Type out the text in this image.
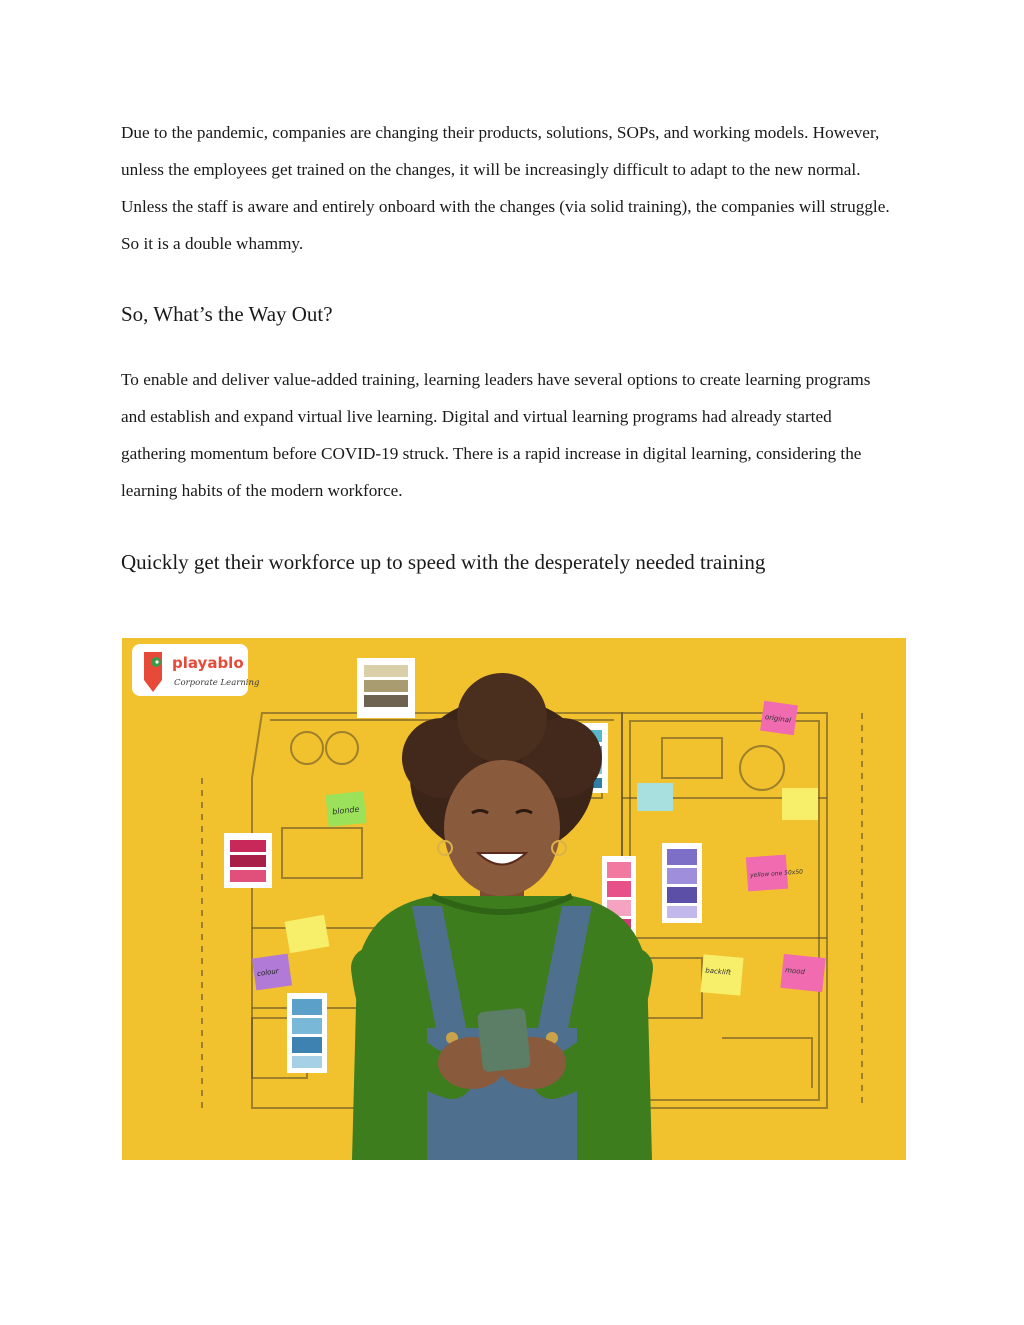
Due to the pandemic, companies are changing their products, solutions, SOPs, and working models. However, unless the employees get trained on the changes, it will be increasingly difficult to adapt to the new normal. Unless the staff is aware and entirely onboard with the changes (via solid training), the companies will struggle. So it is a double whammy.

So, What’s the Way Out?

To enable and deliver value-added training, learning leaders have several options to create learning programs and establish and expand virtual live learning. Digital and virtual learning programs had already started gathering momentum before COVID-19 struck. There is a rapid increase in digital learning, considering the learning habits of the modern workforce.

Quickly get their workforce up to speed with the desperately needed training
blonde
original
yellow one 50x50
backlift
colour	mood
playablo
Corporate Learning
